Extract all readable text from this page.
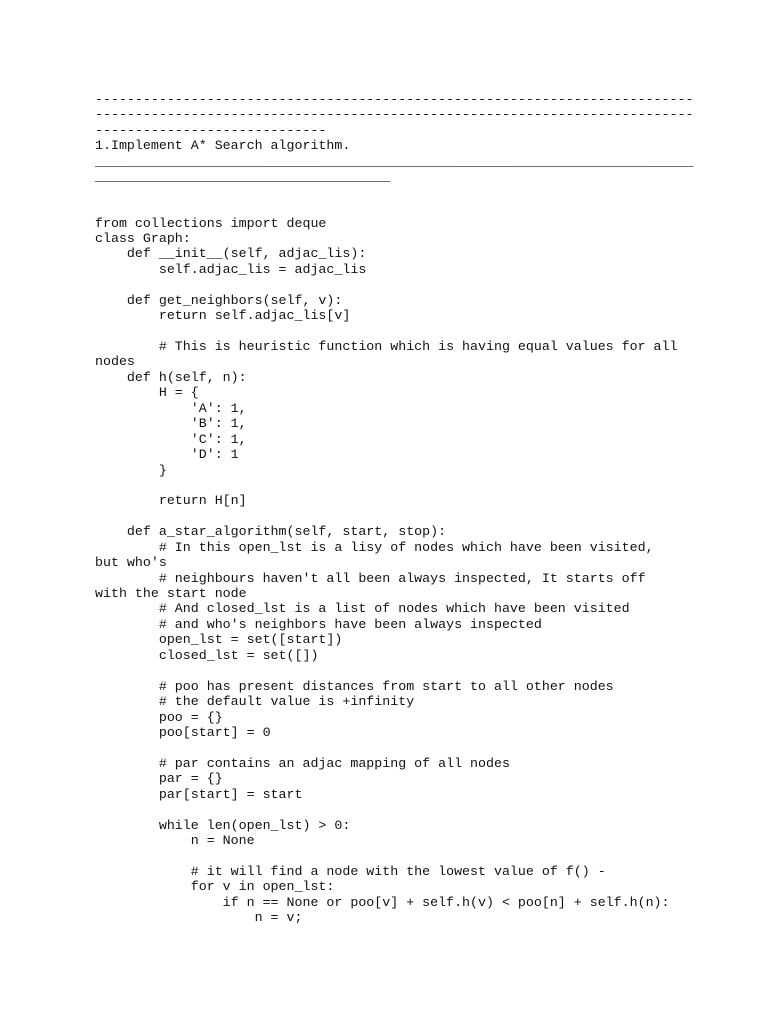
---------------------------------------------------------------------------
---------------------------------------------------------------------------
-----------------------------
1.Implement A* Search algorithm.
___________________________________________________________________________
_____________________________________
from collections import deque
class Graph:
def __init__(self, adjac_lis):
self.adjac_lis = adjac_lis
def get_neighbors(self, v):
return self.adjac_lis[v]
# This is heuristic function which is having equal values for all
nodes
def h(self, n):
H = {
'A': 1,
'B': 1,
'C': 1,
'D': 1
}
return H[n]
def a_star_algorithm(self, start, stop):
# In this open_lst is a lisy of nodes which have been visited,
but who's
# neighbours haven't all been always inspected, It starts off
with the start node
# And closed_lst is a list of nodes which have been visited
# and who's neighbors have been always inspected
open_lst = set([start])
closed_lst = set([])
# poo has present distances from start to all other nodes
# the default value is +infinity
poo = {}
poo[start] = 0
# par contains an adjac mapping of all nodes
par = {}
par[start] = start
while len(open_lst) > 0:
n = None
# it will find a node with the lowest value of f() -
for v in open_lst:
if n == None or poo[v] + self.h(v) < poo[n] + self.h(n):
n = v;
